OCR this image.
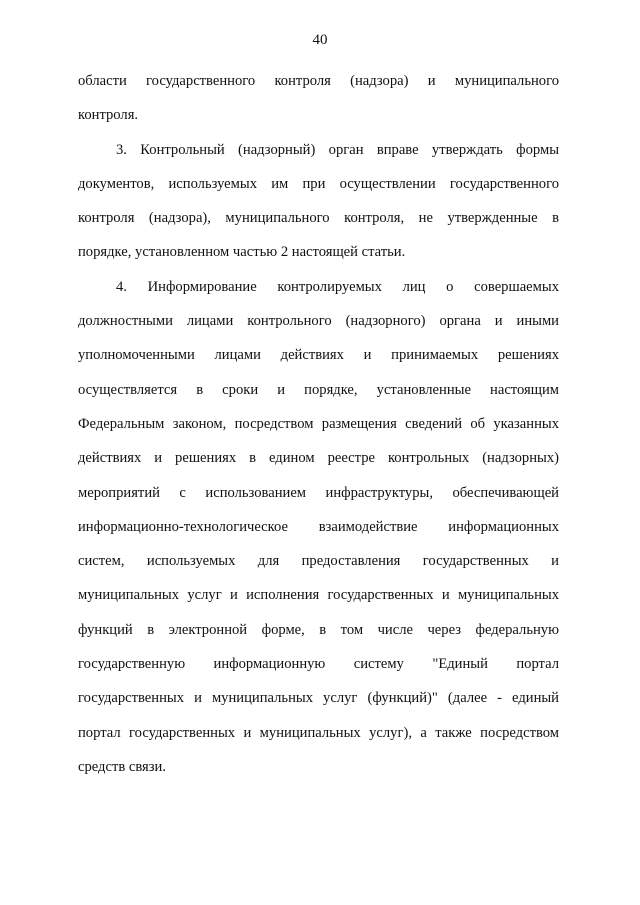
40
области государственного контроля (надзора) и муниципального
контроля.
3. Контрольный (надзорный) орган вправе утверждать формы
документов, используемых им при осуществлении государственного
контроля (надзора), муниципального контроля, не утвержденные в
порядке, установленном частью 2 настоящей статьи.
4. Информирование контролируемых лиц о совершаемых
должностными лицами контрольного (надзорного) органа и иными
уполномоченными лицами действиях и принимаемых решениях
осуществляется в сроки и порядке, установленные настоящим
Федеральным законом, посредством размещения сведений об указанных
действиях и решениях в едином реестре контрольных (надзорных)
мероприятий с использованием инфраструктуры, обеспечивающей
информационно-технологическое взаимодействие информационных
систем, используемых для предоставления государственных и
муниципальных услуг и исполнения государственных и муниципальных
функций в электронной форме, в том числе через федеральную
государственную информационную систему "Единый портал
государственных и муниципальных услуг (функций)" (далее - единый
портал государственных и муниципальных услуг), а также посредством
средств связи.
